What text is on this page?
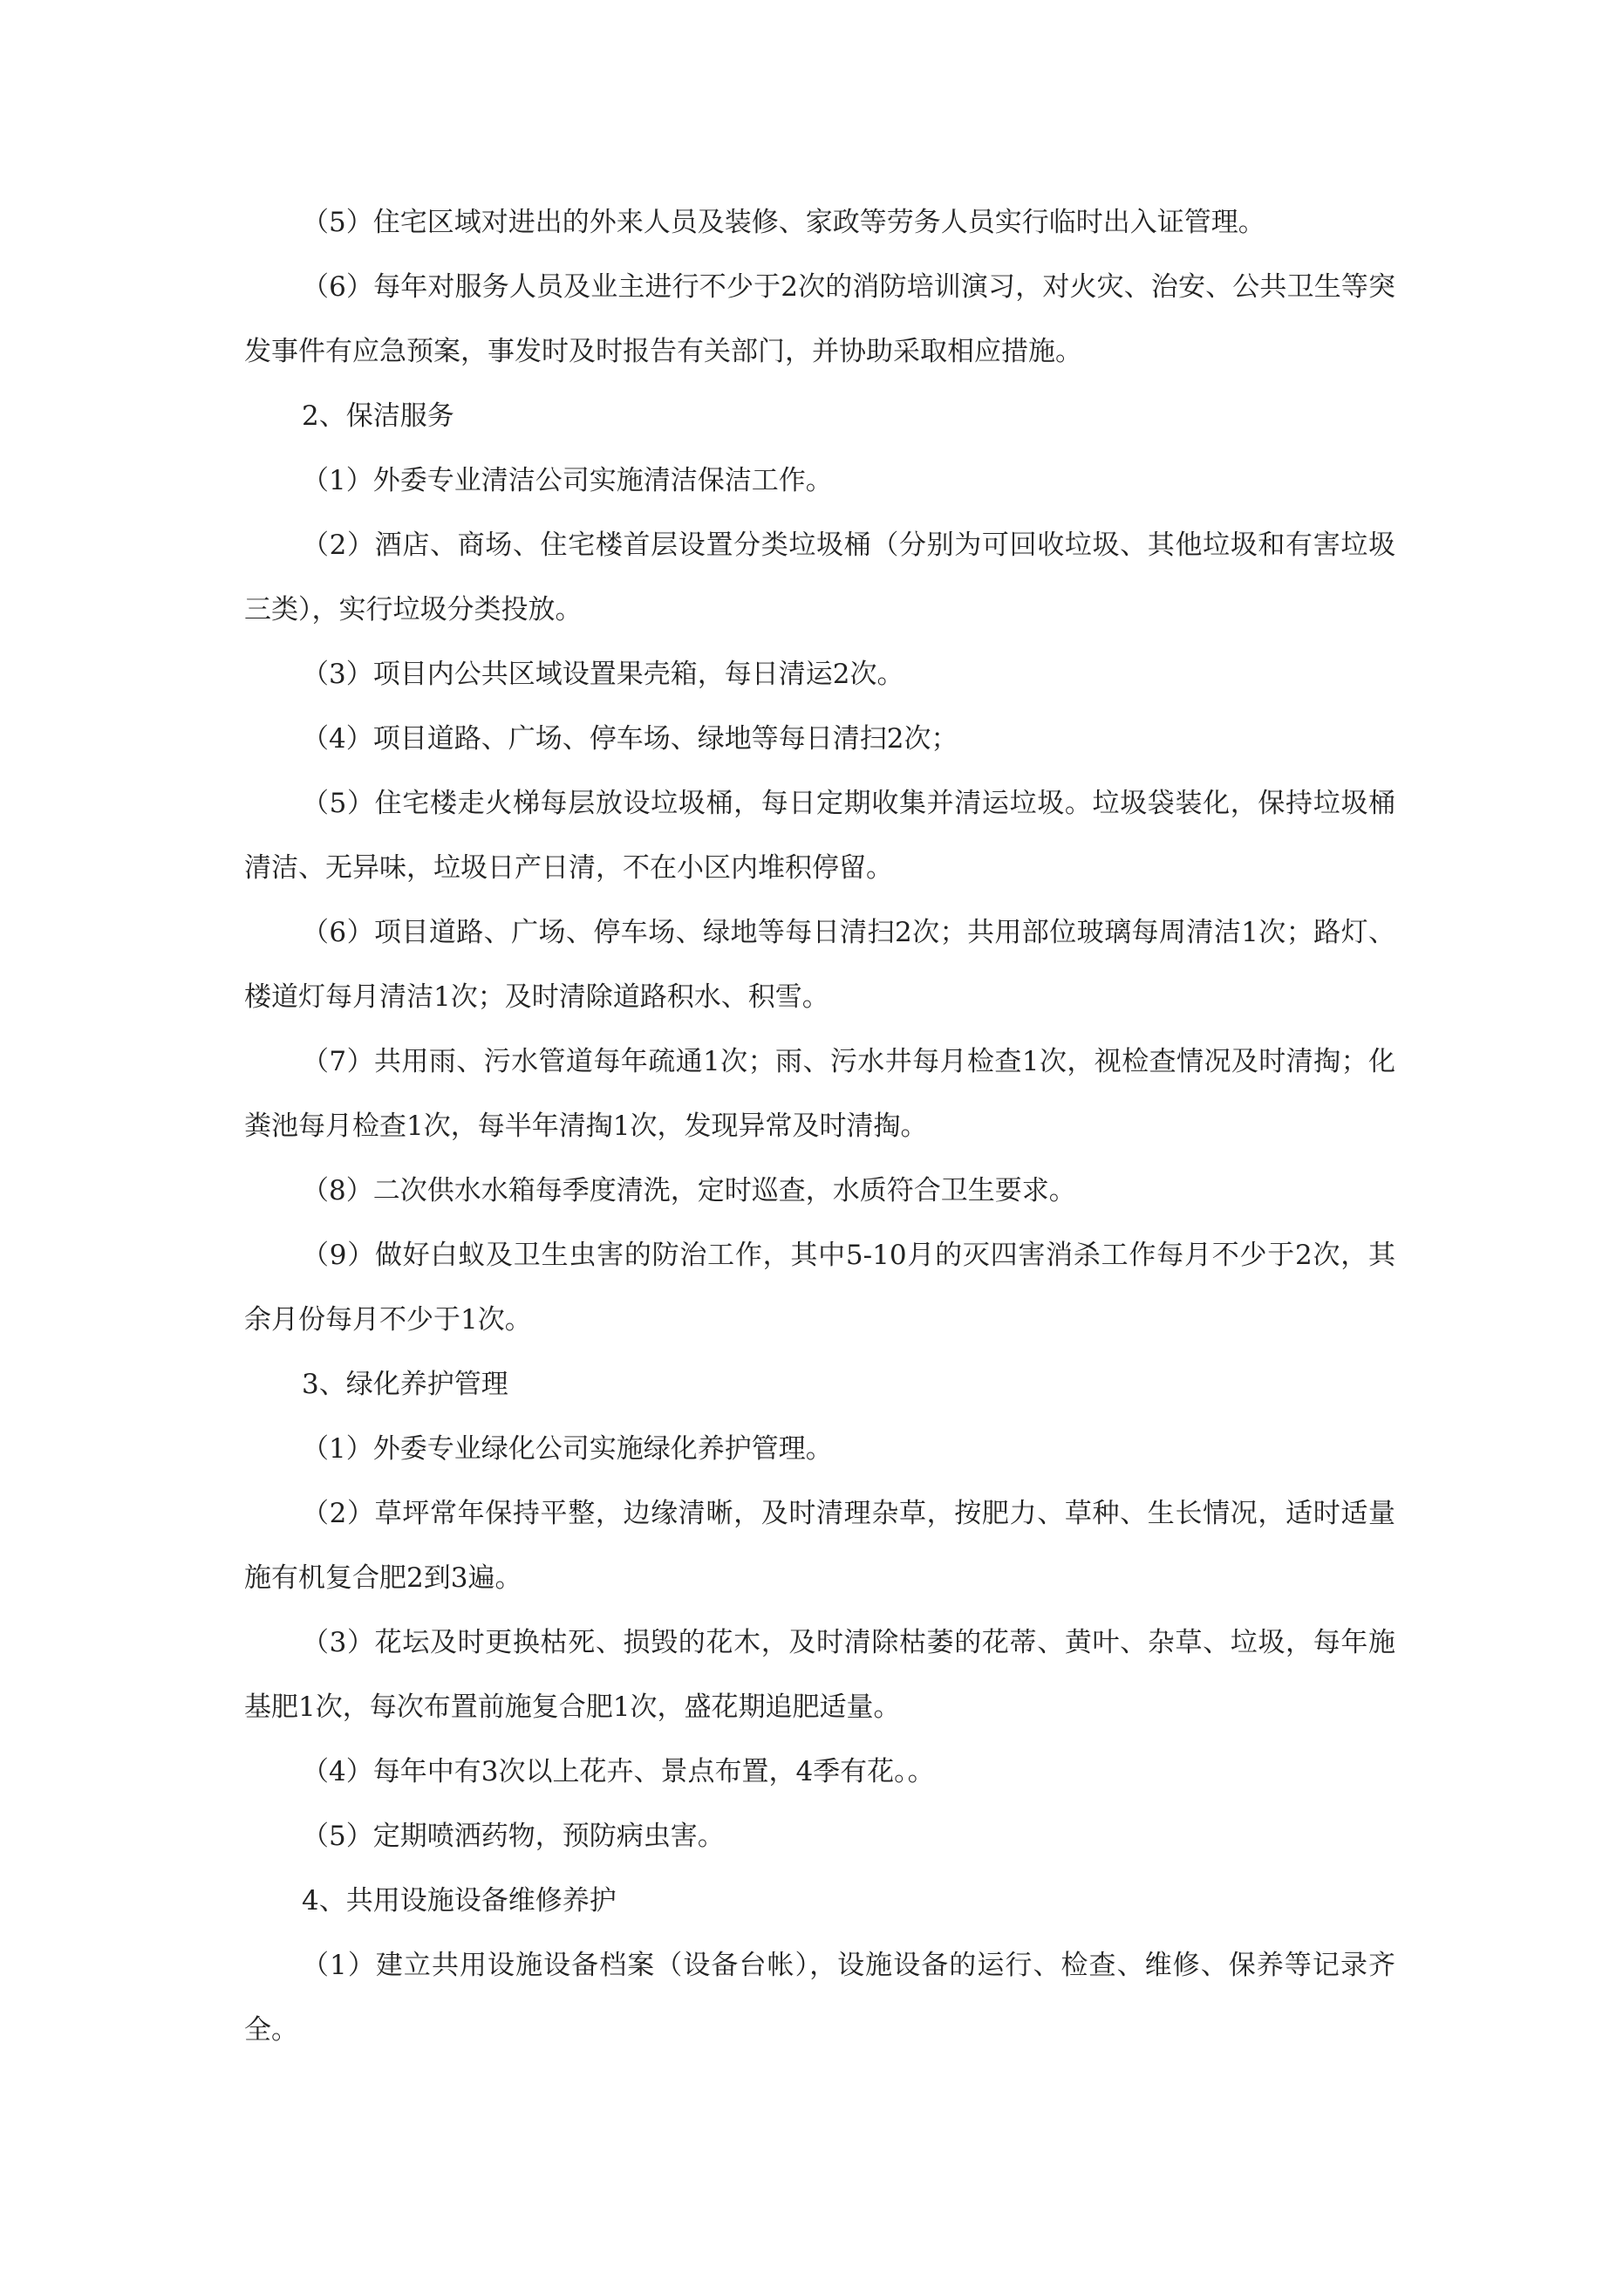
（5）住宅区域对进出的外来人员及装修、家政等劳务人员实行临时出入证管理。

（6）每年对服务人员及业主进行不少于2次的消防培训演习，对火灾、治安、公共卫生等突发事件有应急预案，事发时及时报告有关部门，并协助采取相应措施。

2、保洁服务

（1）外委专业清洁公司实施清洁保洁工作。

（2）酒店、商场、住宅楼首层设置分类垃圾桶（分别为可回收垃圾、其他垃圾和有害垃圾三类），实行垃圾分类投放。

（3）项目内公共区域设置果壳箱，每日清运2次。

（4）项目道路、广场、停车场、绿地等每日清扫2次；

（5）住宅楼走火梯每层放设垃圾桶，每日定期收集并清运垃圾。垃圾袋装化，保持垃圾桶清洁、无异味，垃圾日产日清，不在小区内堆积停留。

（6）项目道路、广场、停车场、绿地等每日清扫2次；共用部位玻璃每周清洁1次；路灯、楼道灯每月清洁1次；及时清除道路积水、积雪。

（7）共用雨、污水管道每年疏通1次；雨、污水井每月检查1次，视检查情况及时清掏；化粪池每月检查1次，每半年清掏1次，发现异常及时清掏。

（8）二次供水水箱每季度清洗，定时巡查，水质符合卫生要求。

（9）做好白蚁及卫生虫害的防治工作，其中5-10月的灭四害消杀工作每月不少于2次，其余月份每月不少于1次。

3、绿化养护管理

（1）外委专业绿化公司实施绿化养护管理。

（2）草坪常年保持平整，边缘清晰，及时清理杂草，按肥力、草种、生长情况，适时适量施有机复合肥2到3遍。

（3）花坛及时更换枯死、损毁的花木，及时清除枯萎的花蒂、黄叶、杂草、垃圾，每年施基肥1次，每次布置前施复合肥1次，盛花期追肥适量。

（4）每年中有3次以上花卉、景点布置，4季有花。。

（5）定期喷洒药物，预防病虫害。

4、共用设施设备维修养护

（1）建立共用设施设备档案（设备台帐），设施设备的运行、检查、维修、保养等记录齐全。
